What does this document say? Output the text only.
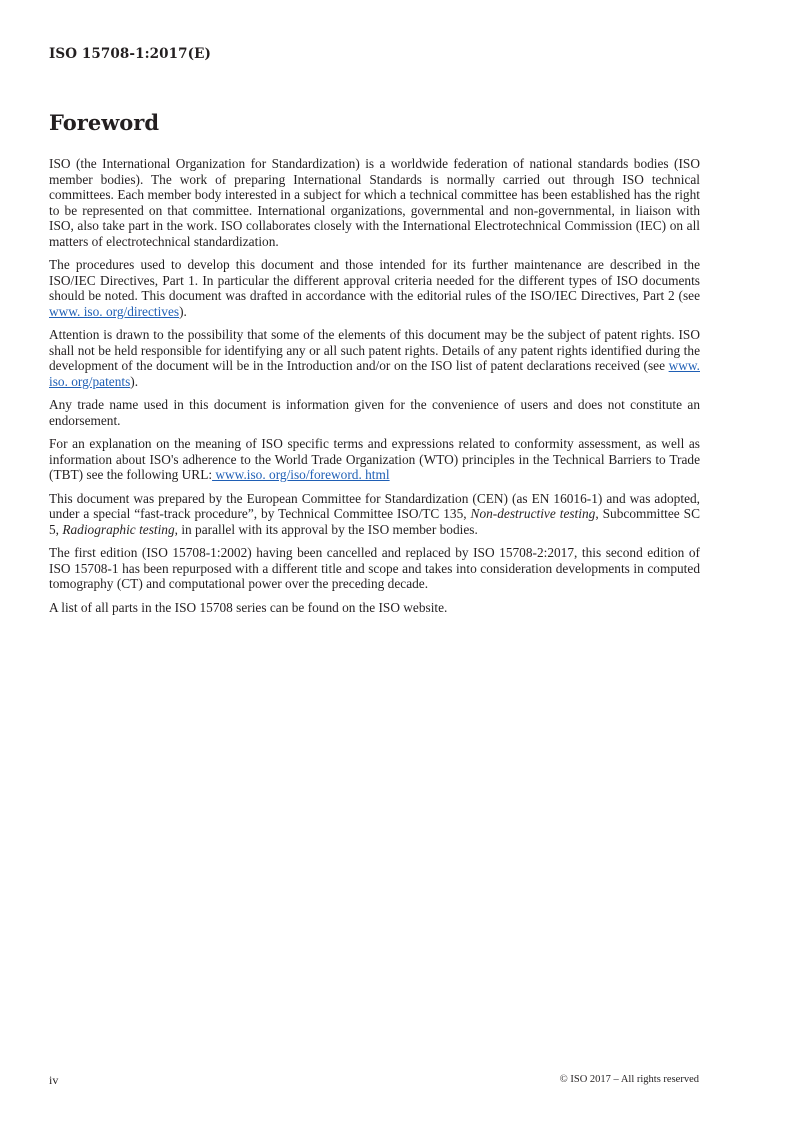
ISO 15708-1:2017(E)
Foreword

ISO (the International Organization for Standardization) is a worldwide federation of national standards bodies (ISO member bodies). The work of preparing International Standards is normally carried out through ISO technical committees. Each member body interested in a subject for which a technical committee has been established has the right to be represented on that committee. International organizations, governmental and non-governmental, in liaison with ISO, also take part in the work. ISO collaborates closely with the International Electrotechnical Commission (IEC) on all matters of electrotechnical standardization.

The procedures used to develop this document and those intended for its further maintenance are described in the ISO/IEC Directives, Part 1. In particular the different approval criteria needed for the different types of ISO documents should be noted. This document was drafted in accordance with the editorial rules of the ISO/IEC Directives, Part 2 (see www. iso. org/directives).

Attention is drawn to the possibility that some of the elements of this document may be the subject of patent rights. ISO shall not be held responsible for identifying any or all such patent rights. Details of any patent rights identified during the development of the document will be in the Introduction and/or on the ISO list of patent declarations received (see www. iso. org/patents).

Any trade name used in this document is information given for the convenience of users and does not constitute an endorsement.

For an explanation on the meaning of ISO specific terms and expressions related to conformity assessment, as well as information about ISO's adherence to the World Trade Organization (WTO) principles in the Technical Barriers to Trade (TBT) see the following URL: www.iso. org/iso/foreword. html

This document was prepared by the European Committee for Standardization (CEN) (as EN 16016-1) and was adopted, under a special “fast-track procedure”, by Technical Committee ISO/TC 135, Non-destructive testing, Subcommittee SC 5, Radiographic testing, in parallel with its approval by the ISO member bodies.

The first edition (ISO 15708-1:2002) having been cancelled and replaced by ISO 15708-2:2017, this second edition of ISO 15708-1 has been repurposed with a different title and scope and takes into consideration developments in computed tomography (CT) and computational power over the preceding decade.

A list of all parts in the ISO 15708 series can be found on the ISO website.

iv	© ISO 2017 – All rights reserved
